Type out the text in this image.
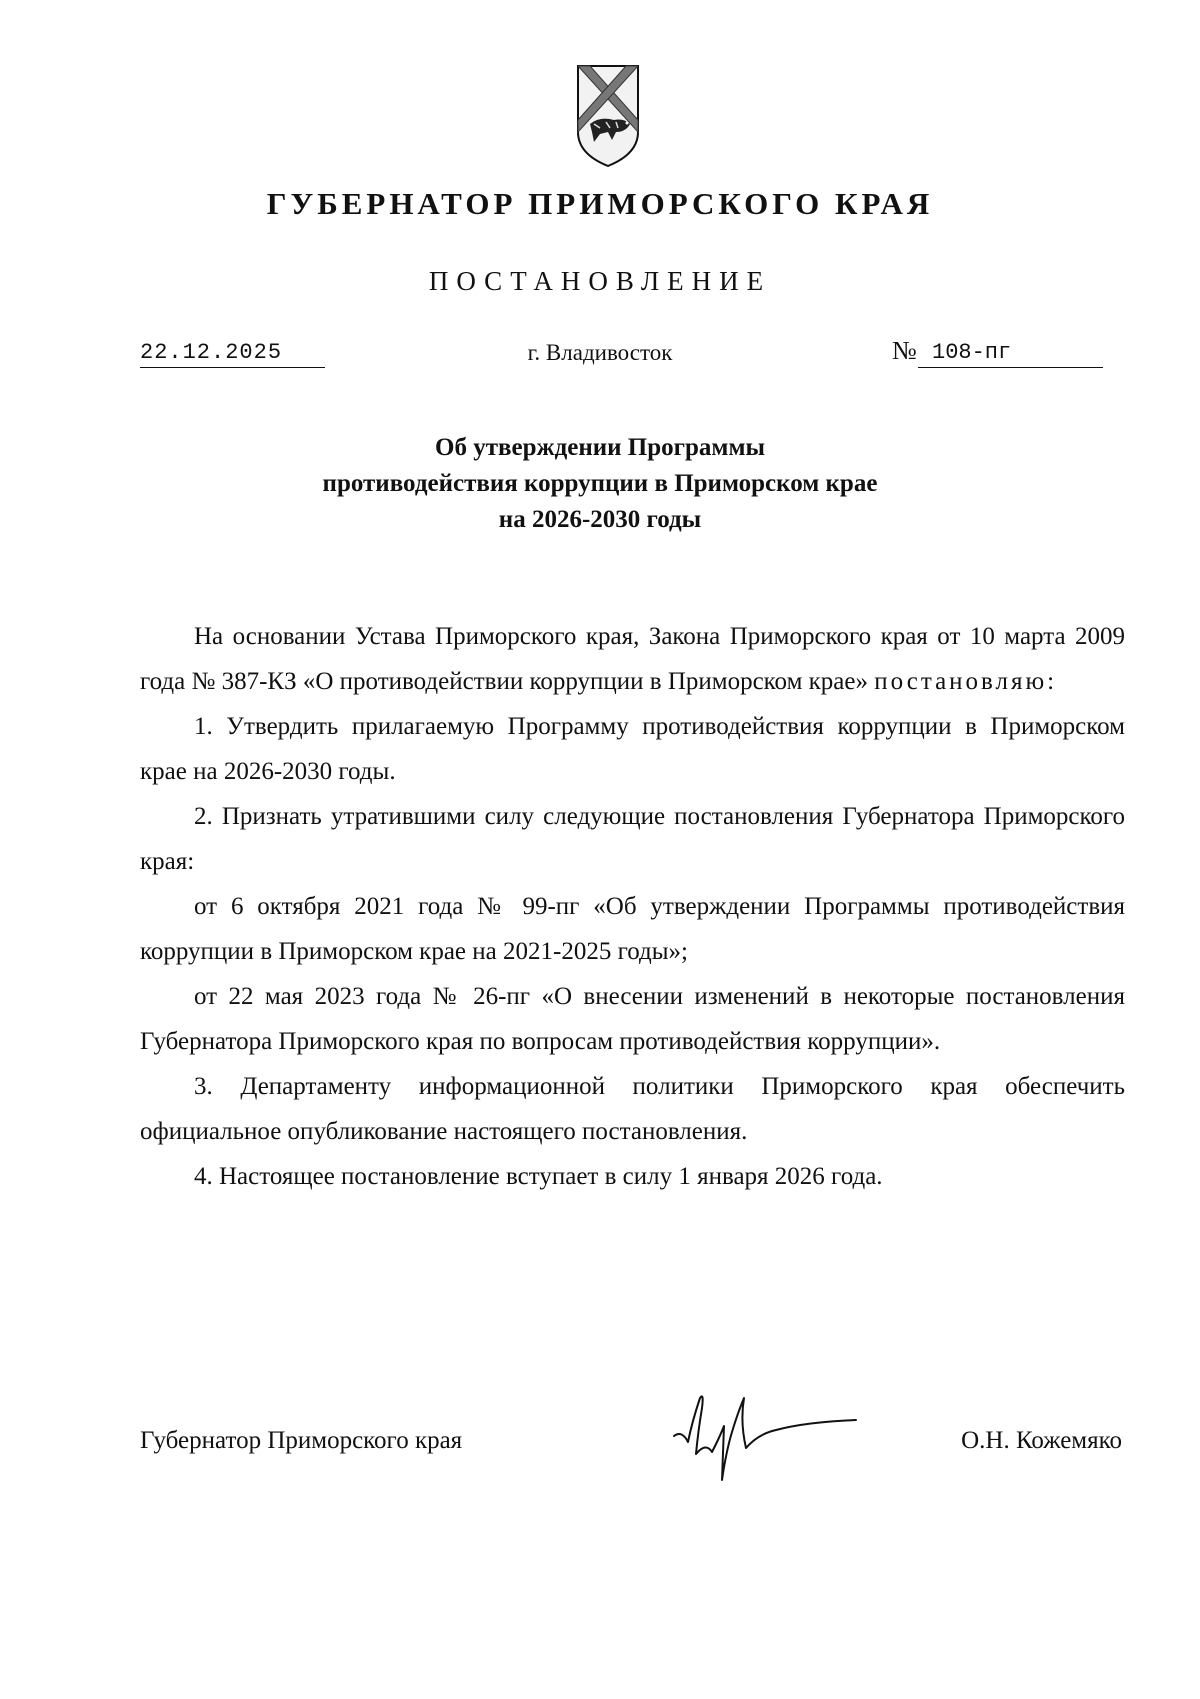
ГУБЕРНАТОР ПРИМОРСКОГО КРАЯ
ПОСТАНОВЛЕНИЕ
22.12.2025	г. Владивосток	№ 108-пг
Об утверждении Программы
противодействия коррупции в Приморском крае
на 2026-2030 годы

На основании Устава Приморского края, Закона Приморского края от 10 марта 2009 года № 387-КЗ «О противодействии коррупции в Приморском крае» постановляю:

1. Утвердить прилагаемую Программу противодействия коррупции в Приморском крае на 2026-2030 годы.

2. Признать утратившими силу следующие постановления Губернатора Приморского края:

от 6 октября 2021 года № 99-пг «Об утверждении Программы противодействия коррупции в Приморском крае на 2021-2025 годы»;

от 22 мая 2023 года № 26-пг «О внесении изменений в некоторые постановления Губернатора Приморского края по вопросам противодействия коррупции».

3. Департаменту информационной политики Приморского края обеспечить официальное опубликование настоящего постановления.

4. Настоящее постановление вступает в силу 1 января 2026 года.

Губернатор Приморского края	О.Н. Кожемяко
